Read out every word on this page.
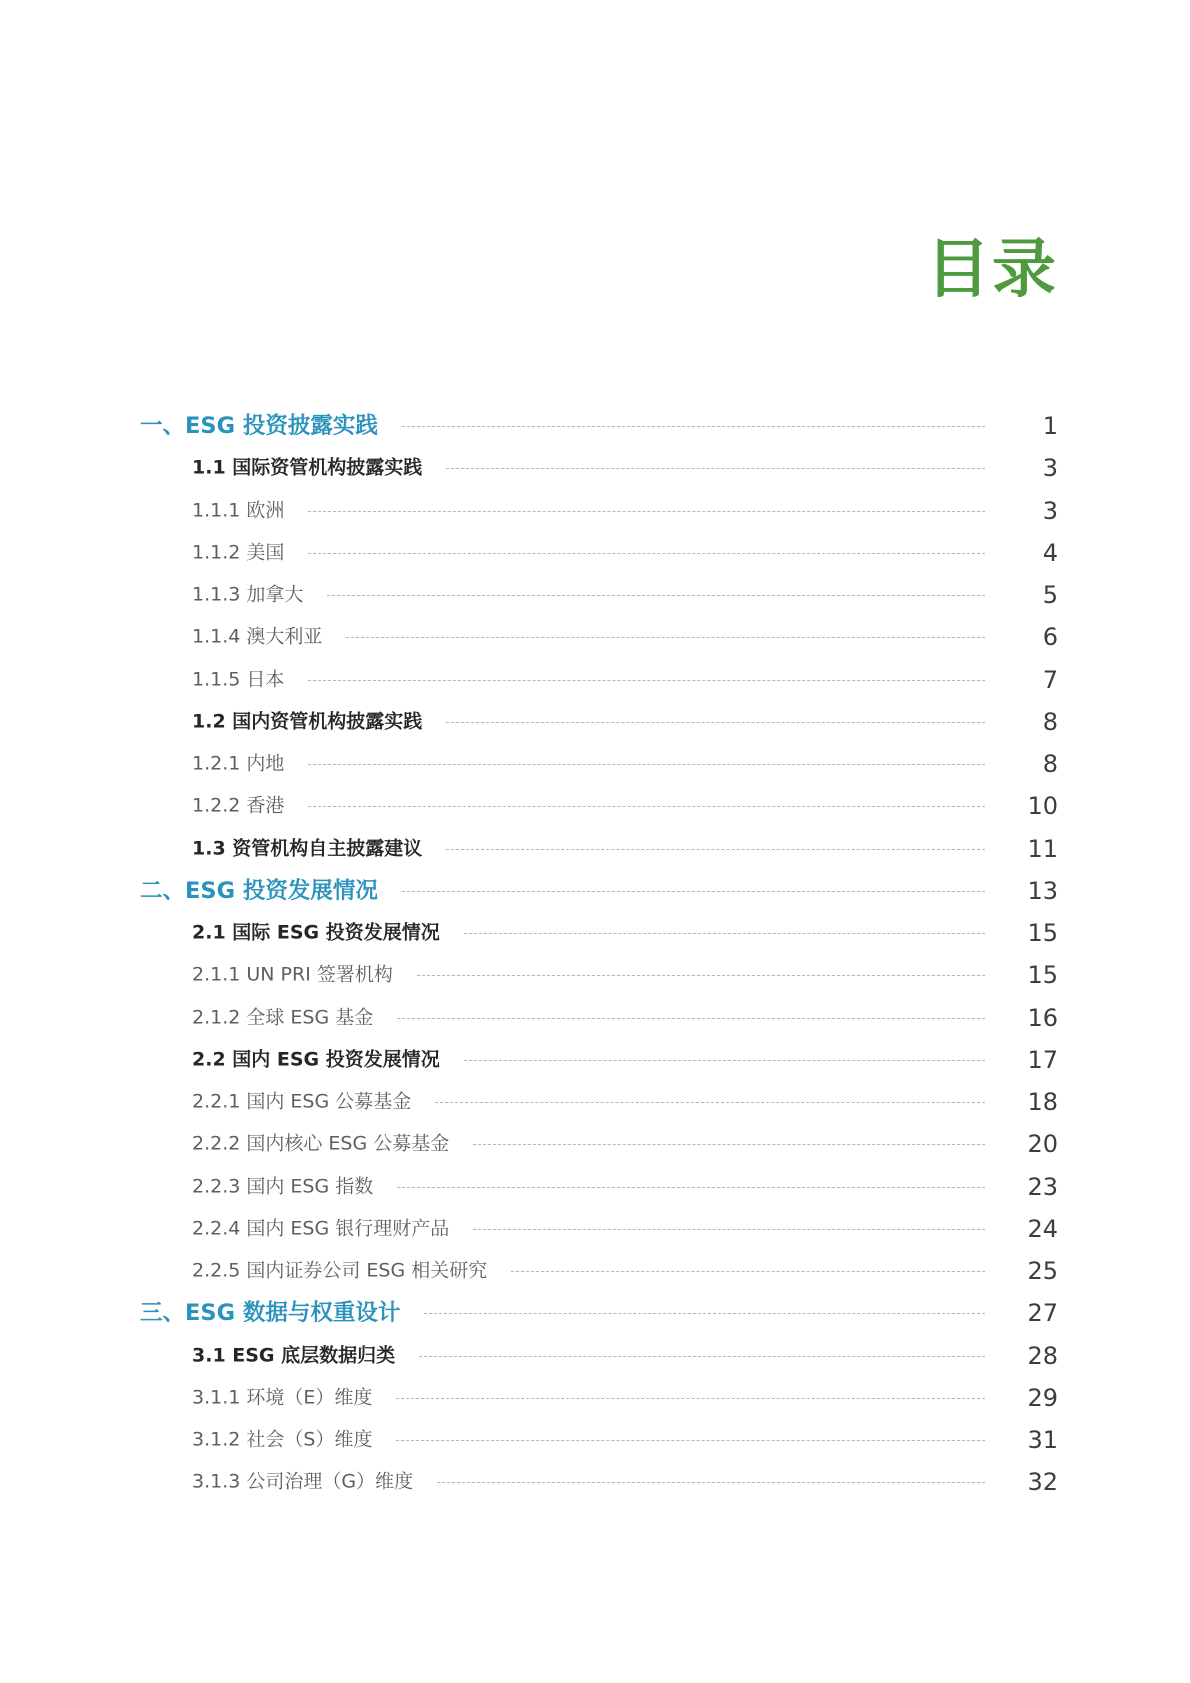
目录
一、ESG 投资披露实践	1
1.1 国际资管机构披露实践	3
1.1.1 欧洲	3
1.1.2 美国	4
1.1.3 加拿大	5
1.1.4 澳大利亚	6
1.1.5 日本	7
1.2 国内资管机构披露实践	8
1.2.1 内地	8
1.2.2 香港	10
1.3 资管机构自主披露建议	11
二、ESG 投资发展情况	13
2.1 国际 ESG 投资发展情况	15
2.1.1 UN PRI 签署机构	15
2.1.2 全球 ESG 基金	16
2.2 国内 ESG 投资发展情况	17
2.2.1 国内 ESG 公募基金	18
2.2.2 国内核心 ESG 公募基金	20
2.2.3 国内 ESG 指数	23
2.2.4 国内 ESG 银行理财产品	24
2.2.5 国内证券公司 ESG 相关研究	25
三、ESG 数据与权重设计	27
3.1 ESG 底层数据归类	28
3.1.1 环境（E）维度	29
3.1.2 社会（S）维度	31
3.1.3 公司治理（G）维度	32
